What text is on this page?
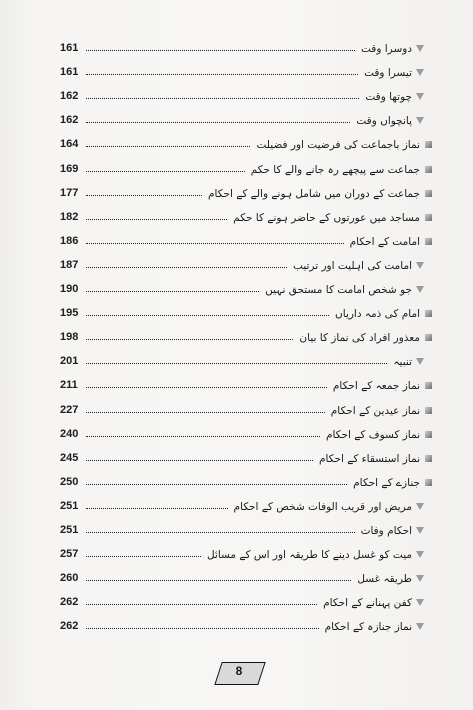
161	دوسرا وقت
161	تیسرا وقت
162	چوتھا وقت
162	پانچواں وقت
164	نماز باجماعت کی فرضیت اور فضیلت
169	جماعت سے پیچھے رہ جانے والے کا حکم
177	جماعت کے دوران میں شامل ہونے والے کے احکام
182	مساجد میں عورتوں کے حاضر ہونے کا حکم
186	امامت کے احکام
187	امامت کی اہلیت اور ترتیب
190	جو شخص امامت کا مستحق نہیں
195	امام کی ذمہ داریاں
198	معذور افراد کی نماز کا بیان
201	تنبیہ
211	نماز جمعہ کے احکام
227	نماز عیدین کے احکام
240	نماز کسوف کے احکام
245	نماز استسقاء کے احکام
250	جنازے کے احکام
251	مریض اور قریب الوفات شخص کے احکام
251	احکام وفات
257	میت کو غسل دینے کا طریقہ اور اس کے مسائل
260	طریقہ غسل
262	کفن پہنانے کے احکام
262	نماز جنازہ کے احکام
8
